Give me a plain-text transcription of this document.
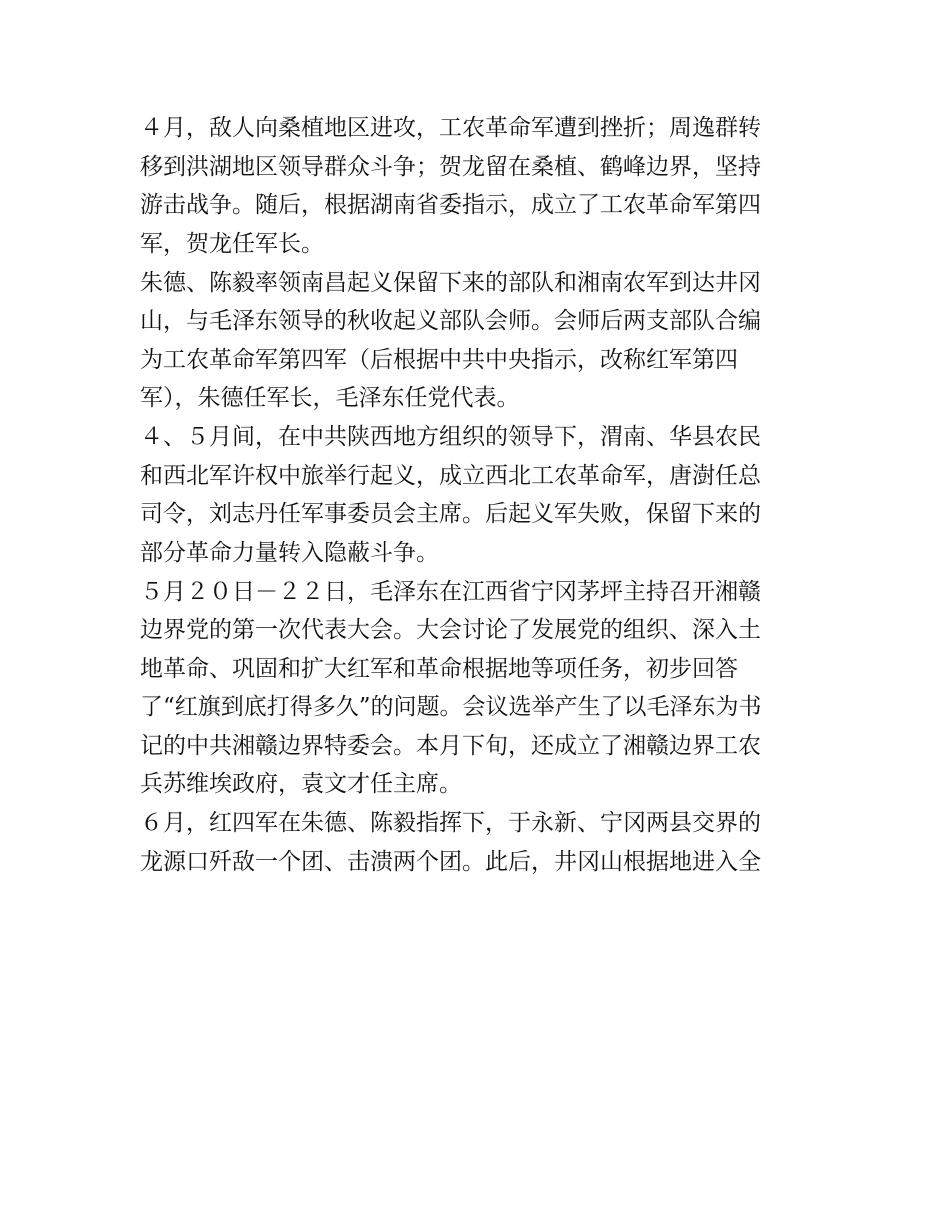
４月，敌人向桑植地区进攻，工农革命军遭到挫折；周逸群转
移到洪湖地区领导群众斗争；贺龙留在桑植、鹤峰边界，坚持
游击战争。随后，根据湖南省委指示，成立了工农革命军第四
军，贺龙任军长。

朱德、陈毅率领南昌起义保留下来的部队和湘南农军到达井冈
山，与毛泽东领导的秋收起义部队会师。会师后两支部队合编
为工农革命军第四军（后根据中共中央指示，改称红军第四
军），朱德任军长，毛泽东任党代表。

４、５月间，在中共陕西地方组织的领导下，渭南、华县农民
和西北军许权中旅举行起义，成立西北工农革命军，唐澍任总
司令，刘志丹任军事委员会主席。后起义军失败，保留下来的
部分革命力量转入隐蔽斗争。

５月２０日－２２日，毛泽东在江西省宁冈茅坪主持召开湘赣
边界党的第一次代表大会。大会讨论了发展党的组织、深入土
地革命、巩固和扩大红军和革命根据地等项任务，初步回答
了“红旗到底打得多久”的问题。会议选举产生了以毛泽东为书
记的中共湘赣边界特委会。本月下旬，还成立了湘赣边界工农
兵苏维埃政府，袁文才任主席。

６月，红四军在朱德、陈毅指挥下，于永新、宁冈两县交界的
龙源口歼敌一个团、击溃两个团。此后，井冈山根据地进入全
